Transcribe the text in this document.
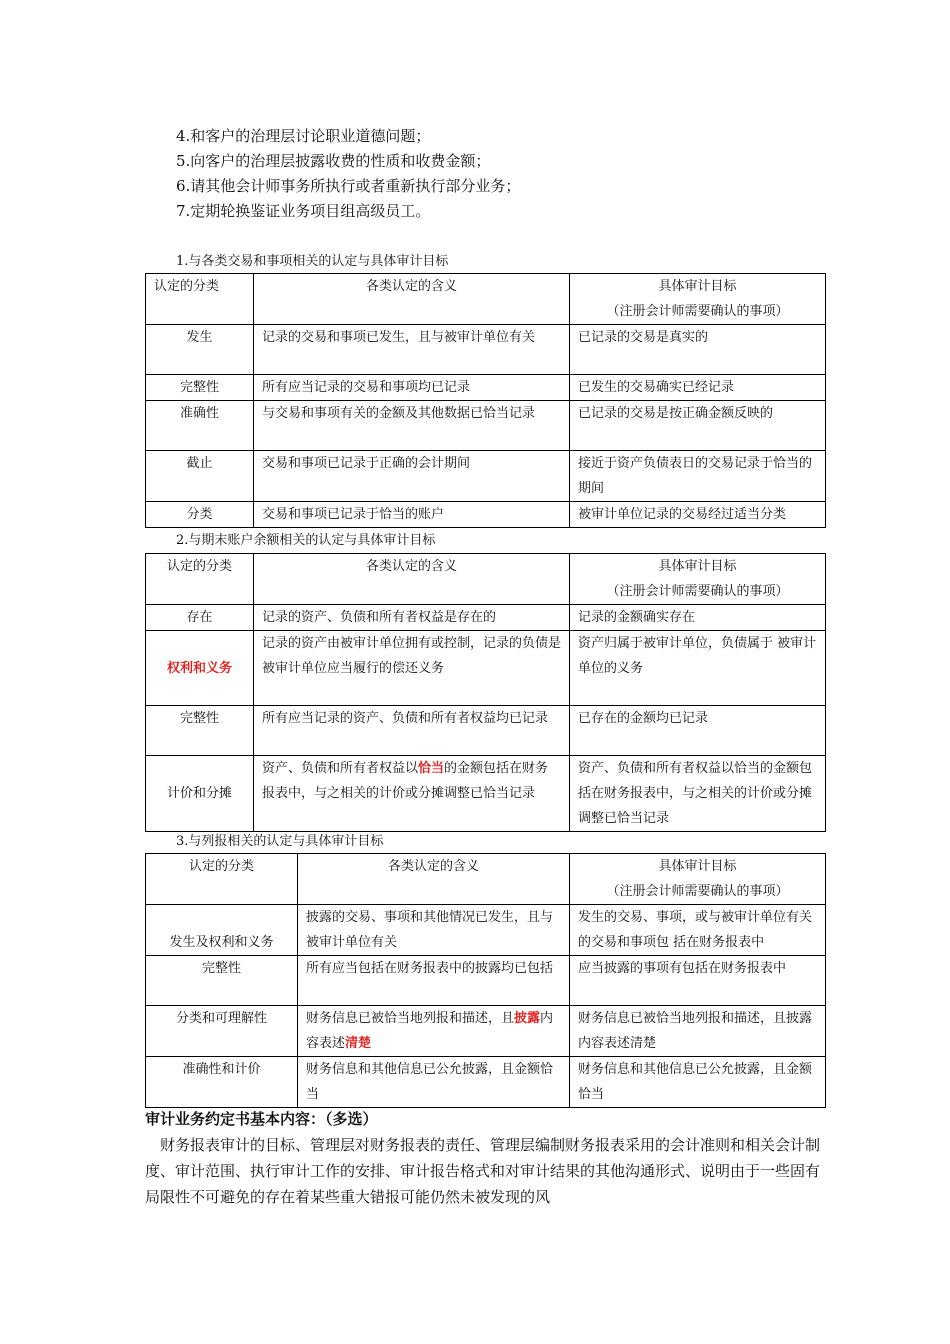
4.和客户的治理层讨论职业道德问题；
5.向客户的治理层披露收费的性质和收费金额；
6.请其他会计师事务所执行或者重新执行部分业务；
7.定期轮换鉴证业务项目组高级员工。
1.与各类交易和事项相关的认定与具体审计目标
认定的分类	各类认定的含义	具体审计目标
（注册会计师需要确认的事项）

发生	记录的交易和事项已发生，且与被审计单位有关	已记录的交易是真实的
完整性	所有应当记录的交易和事项均已记录	已发生的交易确实已经记录
准确性	与交易和事项有关的金额及其他数据已恰当记录	已记录的交易是按正确金额反映的
截止	交易和事项已记录于正确的会计期间	接近于资产负债表日的交易记录于恰当的期间
分类	交易和事项已记录于恰当的账户	被审计单位记录的交易经过适当分类
2.与期末账户余额相关的认定与具体审计目标
认定的分类	各类认定的含义	具体审计目标
（注册会计师需要确认的事项）

存在	记录的资产、负债和所有者权益是存在的	记录的金额确实存在
权利和义务	记录的资产由被审计单位拥有或控制，记录的负债是被审计单位应当履行的偿还义务	资产归属于被审计单位，负债属于 被审计单位的义务
完整性	所有应当记录的资产、负债和所有者权益均已记录	已存在的金额均已记录
计价和分摊	资产、负债和所有者权益以恰当的金额包括在财务报表中，与之相关的计价或分摊调整已恰当记录	资产、负债和所有者权益以恰当的金额包括在财务报表中，与之相关的计价或分摊调整已恰当记录
3.与列报相关的认定与具体审计目标
认定的分类	各类认定的含义	具体审计目标
（注册会计师需要确认的事项）

发生及权利和义务	披露的交易、事项和其他情况已发生，且与被审计单位有关	发生的交易、事项，或与被审计单位有关的交易和事项包 括在财务报表中
完整性	所有应当包括在财务报表中的披露均已包括	应当披露的事项有包括在财务报表中
分类和可理解性	财务信息已被恰当地列报和描述，且披露内容表述清楚	财务信息已被恰当地列报和描述，且披露内容表述清楚
准确性和计价	财务信息和其他信息已公允披露，且金额恰当	财务信息和其他信息已公允披露，且金额恰当
审计业务约定书基本内容：（多选）
财务报表审计的目标、管理层对财务报表的责任、管理层编制财务报表采用的会计准则和相关会计制度、审计范围、执行审计工作的安排、审计报告格式和对审计结果的其他沟通形式、说明由于一些固有局限性不可避免的存在着某些重大错报可能仍然未被发现的风
